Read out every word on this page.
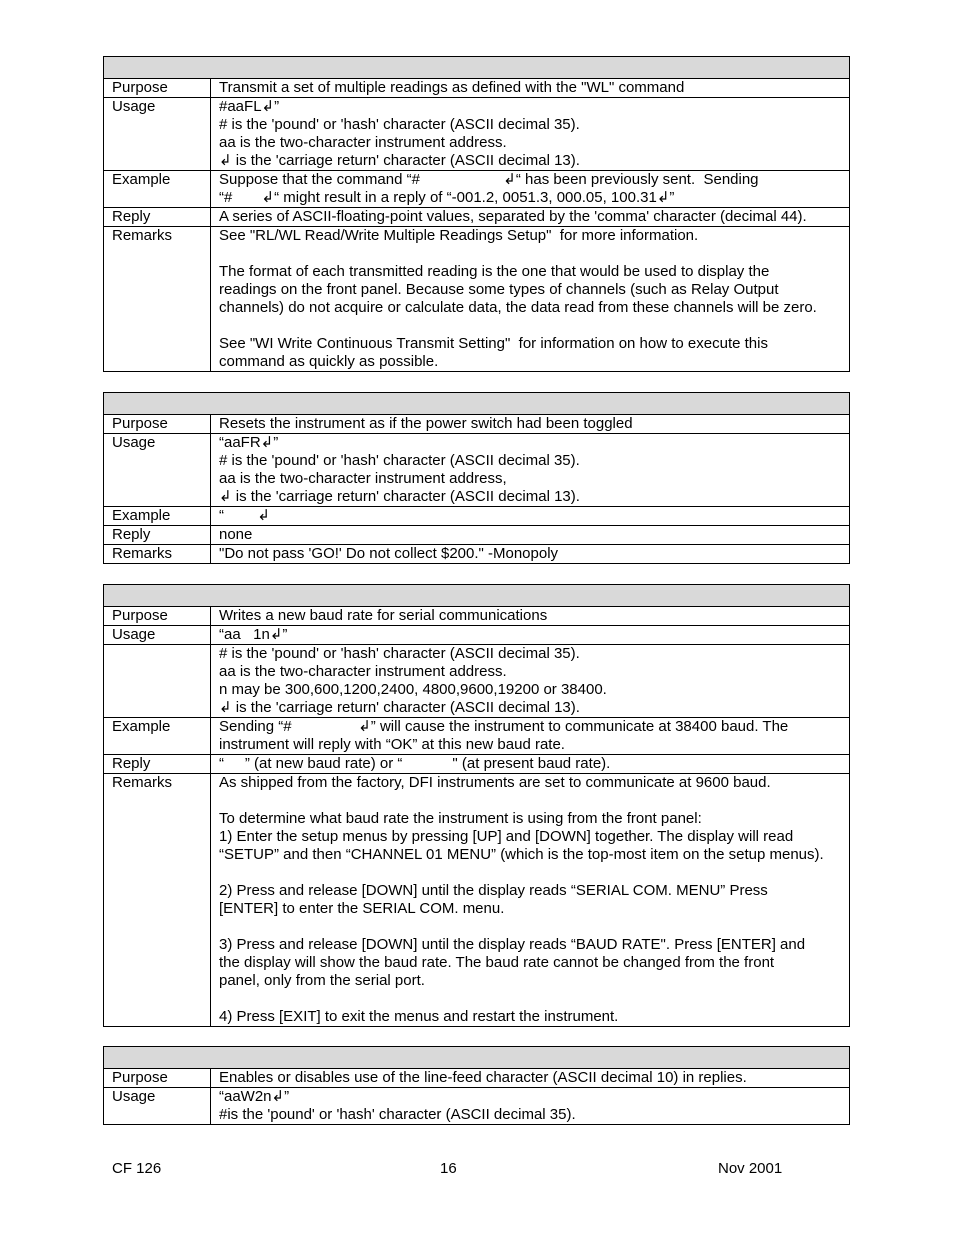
Purpose	Transmit a set of multiple readings as defined with the "WL" command
Usage	#aaFL↲”
# is the 'pound' or 'hash' character (ASCII decimal 35).
aa is the two-character instrument address.
↲ is the 'carriage return' character (ASCII decimal 13).
Example	Suppose that the command “#                    ↲“ has been previously sent.  Sending
“#       ↲“ might result in a reply of “-001.2, 0051.3, 000.05, 100.31↲”
Reply	A series of ASCII-floating-point values, separated by the 'comma' character (decimal 44).
Remarks	See "RL/WL Read/Write Multiple Readings Setup"  for more information.
The format of each transmitted reading is the one that would be used to display the
readings on the front panel. Because some types of channels (such as Relay Output
channels) do not acquire or calculate data, the data read from these channels will be zero.
See "WI Write Continuous Transmit Setting"  for information on how to execute this
command as quickly as possible.
Purpose	Resets the instrument as if the power switch had been toggled
Usage	“aaFR↲”
# is the 'pound' or 'hash' character (ASCII decimal 35).
aa is the two-character instrument address,
↲ is the 'carriage return' character (ASCII decimal 13).
Example	“        ↲
Reply	none
Remarks	"Do not pass 'GO!' Do not collect $200." -Monopoly
Purpose	Writes a new baud rate for serial communications
Usage	“aa   1n↲”
# is the 'pound' or 'hash' character (ASCII decimal 35).
aa is the two-character instrument address.
n may be 300,600,1200,2400, 4800,9600,19200 or 38400.
↲ is the 'carriage return' character (ASCII decimal 13).
Example	Sending “#                ↲” will cause the instrument to communicate at 38400 baud. The
instrument will reply with “OK” at this new baud rate.
Reply	“     ” (at new baud rate) or “            " (at present baud rate).
Remarks	As shipped from the factory, DFI instruments are set to communicate at 9600 baud.
To determine what baud rate the instrument is using from the front panel:
1) Enter the setup menus by pressing [UP] and [DOWN] together. The display will read
“SETUP” and then “CHANNEL 01 MENU” (which is the top-most item on the setup menus).
2) Press and release [DOWN] until the display reads “SERIAL COM. MENU” Press
[ENTER] to enter the SERIAL COM. menu.
3) Press and release [DOWN] until the display reads “BAUD RATE". Press [ENTER] and
the display will show the baud rate. The baud rate cannot be changed from the front
panel, only from the serial port.
4) Press [EXIT] to exit the menus and restart the instrument.
Purpose	Enables or disables use of the line-feed character (ASCII decimal 10) in replies.
Usage	“aaW2n↲”
#is the 'pound' or 'hash' character (ASCII decimal 35).
CF 126	16	Nov 2001
